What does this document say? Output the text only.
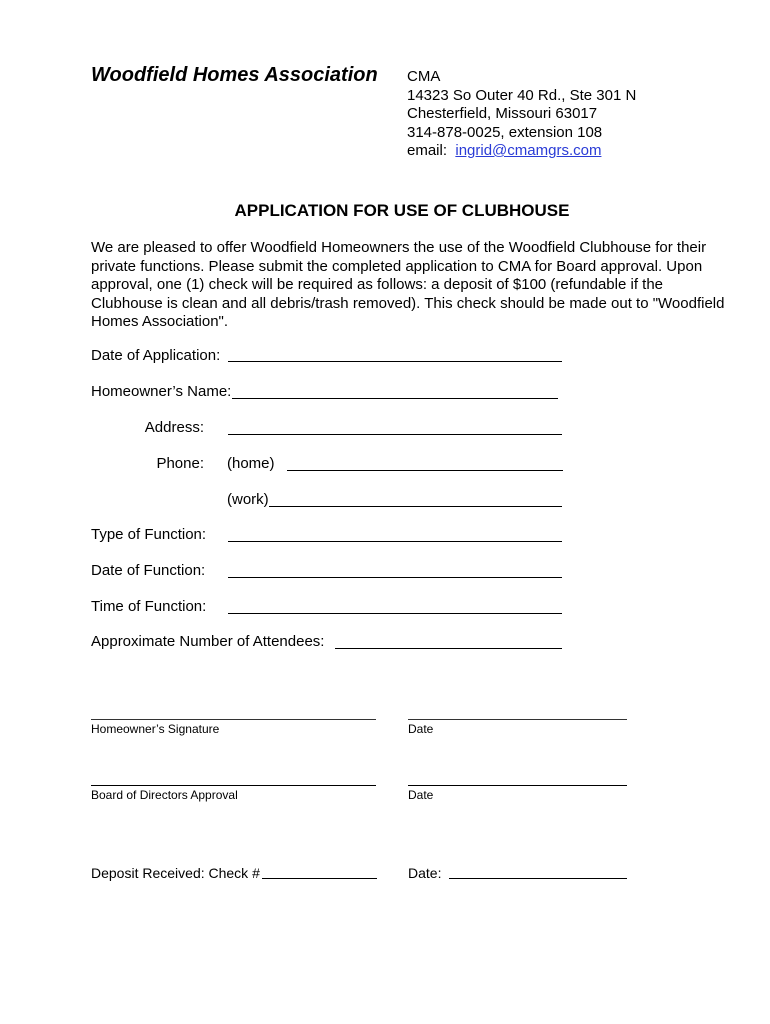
Woodfield Homes Association CMA
14323 So Outer 40 Rd., Ste 301 N
Chesterfield, Missouri 63017
314-878-0025, extension 108
email: ingrid@cmamgrs.com
APPLICATION FOR USE OF CLUBHOUSE
We are pleased to offer Woodfield Homeowners the use of the Woodfield Clubhouse for their private functions. Please submit the completed application to CMA for Board approval. Upon approval, one (1) check will be required as follows: a deposit of $100 (refundable if the Clubhouse is clean and all debris/trash removed). This check should be made out to "Woodfield Homes Association".
Date of Application:
Homeowner’s Name:
Address:
Phone: (home)
(work)
Type of Function:
Date of Function:
Time of Function:
Approximate Number of Attendees:
Homeowner’s Signature	Date
Board of Directors Approval	Date
Deposit Received: Check #	Date:
